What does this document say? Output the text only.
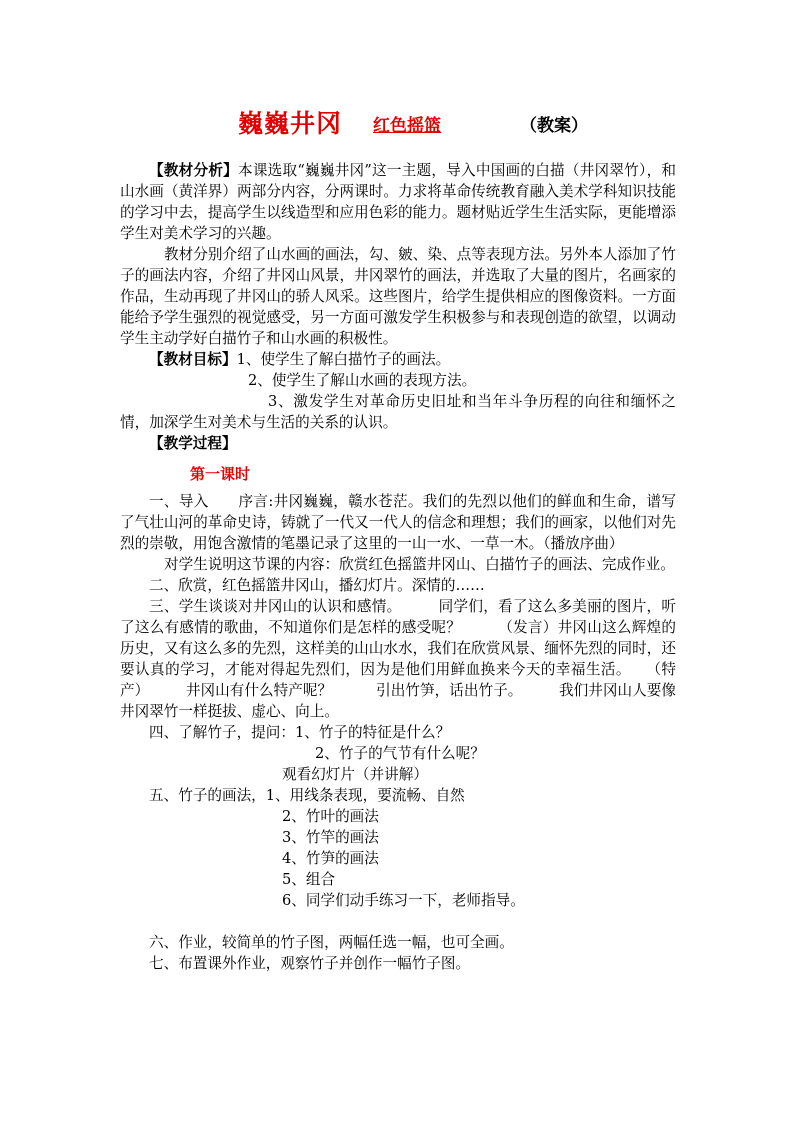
巍巍井冈 红色摇篮	（教案）

【教材分析】本课选取“巍巍井冈”这一主题，导入中国画的白描（井冈翠竹），和山水画（黄洋界）两部分内容，分两课时。力求将革命传统教育融入美术学科知识技能的学习中去，提高学生以线造型和应用色彩的能力。题材贴近学生生活实际，更能增添学生对美术学习的兴趣。

教材分别介绍了山水画的画法，勾、皴、染、点等表现方法。另外本人添加了竹子的画法内容，介绍了井冈山风景，井冈翠竹的画法，并选取了大量的图片，名画家的作品，生动再现了井冈山的骄人风采。这些图片，给学生提供相应的图像资料。一方面能给予学生强烈的视觉感受，另一方面可激发学生积极参与和表现创造的欲望，以调动学生主动学好白描竹子和山水画的积极性。

【教材目标】1、使学生了解白描竹子的画法。

2、使学生了解山水画的表现方法。

3、激发学生对革命历史旧址和当年斗争历程的向往和缅怀之情，加深学生对美术与生活的关系的认识。

【教学过程】

第一课时

一、导入　　序言:井冈巍巍，赣水苍茫。我们的先烈以他们的鲜血和生命，谱写了气壮山河的革命史诗，铸就了一代又一代人的信念和理想；我们的画家，以他们对先烈的崇敬，用饱含激情的笔墨记录了这里的一山一水、一草一木。（播放序曲）

对学生说明这节课的内容：欣赏红色摇篮井冈山、白描竹子的画法、完成作业。

二、欣赏，红色摇篮井冈山，播幻灯片。深情的……

三、学生谈谈对井冈山的认识和感情。　　　同学们，看了这么多美丽的图片，听了这么有感情的歌曲，不知道你们是怎样的感受呢？　　　（发言）井冈山这么辉煌的历史，又有这么多的先烈，这样美的山山水水，我们在欣赏风景、缅怀先烈的同时，还要认真的学习，才能对得起先烈们，因为是他们用鲜血换来今天的幸福生活。　　（特产）　　　井冈山有什么特产呢？　　　引出竹笋，话出竹子。　　　我们井冈山人要像井冈翠竹一样挺拔、虚心、向上。

四、了解竹子，提问：1、竹子的特征是什么？

2、竹子的气节有什么呢？

观看幻灯片（并讲解）

五、竹子的画法，1、用线条表现，要流畅、自然

2、竹叶的画法

3、竹竿的画法

4、竹笋的画法

5、组合

6、同学们动手练习一下，老师指导。

六、作业，较简单的竹子图，两幅任选一幅，也可全画。

七、布置课外作业，观察竹子并创作一幅竹子图。
